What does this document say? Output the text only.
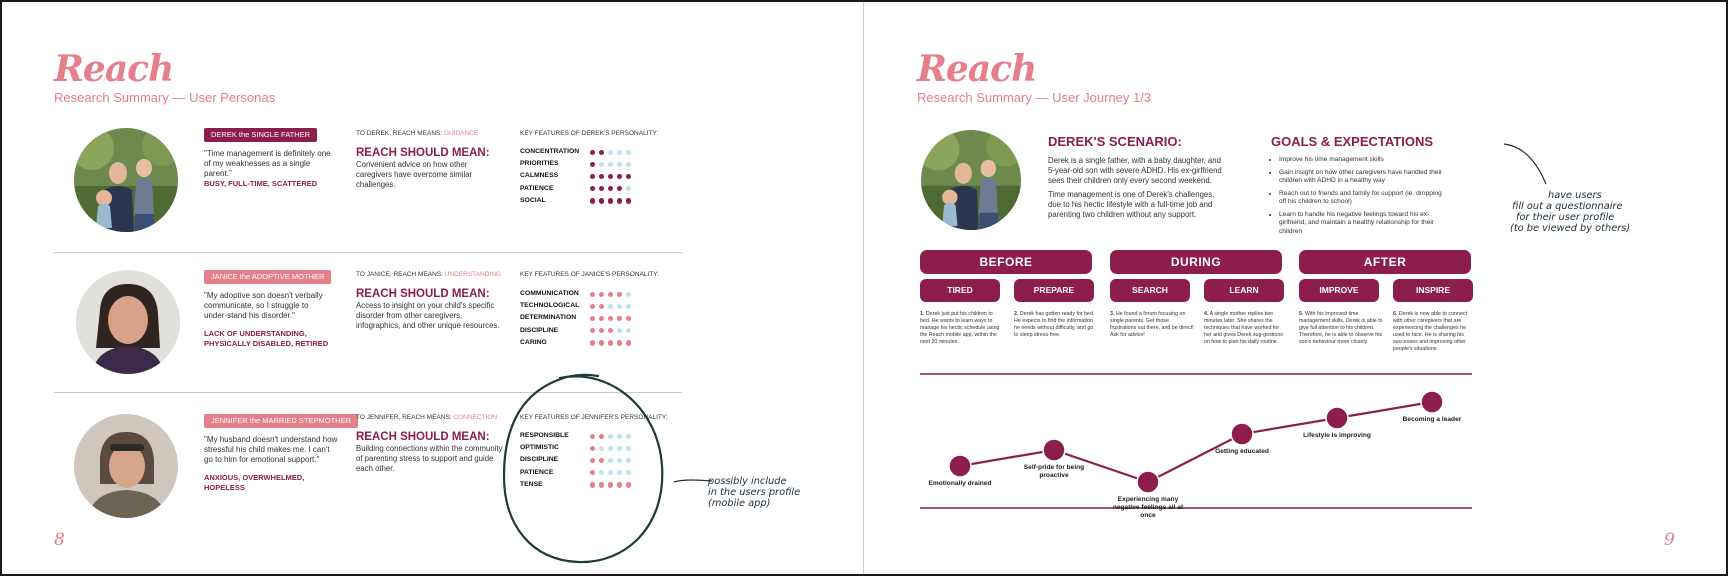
Reach
Research Summary — User Personas
DEREK the SINGLE FATHER
"Time management is definitely one of my weaknesses as a single parent."
BUSY, FULL-TIME, SCATTERED
TO DEREK, REACH MEANS: GUIDANCE
REACH SHOULD MEAN:
Convenient advice on how other caregivers have overcome similar challenges.
KEY FEATURES OF DEREK'S PERSONALITY:
CONCENTRATION
PRIORITIES
CALMNESS
PATIENCE
SOCIAL
JANICE the ADOPTIVE MOTHER
"My adoptive son doesn't verbally communicate, so I struggle to under-stand his disorder."
LACK OF UNDERSTANDING, PHYSICALLY DISABLED, RETIRED
TO JANICE, REACH MEANS: UNDERSTANDING
REACH SHOULD MEAN:
Access to insight on your child's specific disorder from other caregivers, infographics, and other unique resources.
KEY FEATURES OF JANICE'S PERSONALITY:
COMMUNICATION
TECHNOLOGICAL
DETERMINATION
DISCIPLINE
CARING
JENNIFER the MARRIED STEPMOTHER
"My husband doesn't understand how stressful his child makes me. I can't go to him for emotional support."
ANXIOUS, OVERWHELMED, HOPELESS
TO JENNIFER, REACH MEANS: CONNECTION
REACH SHOULD MEAN:
Building connections within the community of parenting stress to support and guide each other.
KEY FEATURES OF JENNIFER'S PERSONALITY:
RESPONSIBLE
OPTIMISTIC
DISCIPLINE
PATIENCE
TENSE	possibly include
in the users profile
(mobile app)
8
Reach
Research Summary — User Journey 1/3
DEREK'S SCENARIO:
Derek is a single father, with a baby daughter, and 5-year-old son with severe ADHD. His ex-girlfriend sees their children only every second weekend.
Time management is one of Derek's challenges, due to his hectic lifestyle with a full-time job and parenting two children without any support.
GOALS & EXPECTATIONS
• Improve his time management skills
• Gain insight on how other caregivers have handled their children with ADHD in a healthy way
• Reach out to friends and family for support (ie. dropping off his children to school)
• Learn to handle his negative feelings toward his ex-girlfriend, and maintain a healthy relationship for their children
have users
fill out a questionnaire
for their user profile
(to be viewed by others)
BEFORE	DURING	AFTER
TIRED	PREPARE	SEARCH	LEARN	IMPROVE	INSPIRE
1. Derek just put his children to bed. He wants to learn ways to manage his hectic schedule using the Reach mobile app, within the next 20 minutes.
2. Derek has gotten ready for bed. He expects to find the information he needs without difficulty, and go to sleep stress-free.
3. He found a forum focusing on single parents. Get those frustrations out there, and be direct! Ask for advice!
4. A single mother replies two minutes later. She shares the techniques that have worked for her and gives Derek sug-gestions on how to plan his daily routine.
5. With his improved time management skills, Derek is able to give full attention to his children. Therefore, he is able to observe his son's behaviour more closely.
6. Derek is now able to connect with other caregivers that are experiencing the challenges he used to face. He is sharing his successes and improving other people's situations.
Emotionally drained
Self-pride for being proactive
Experiencing many negative feelings all at once
Getting educated
Lifestyle is improving
Becoming a leader
9
